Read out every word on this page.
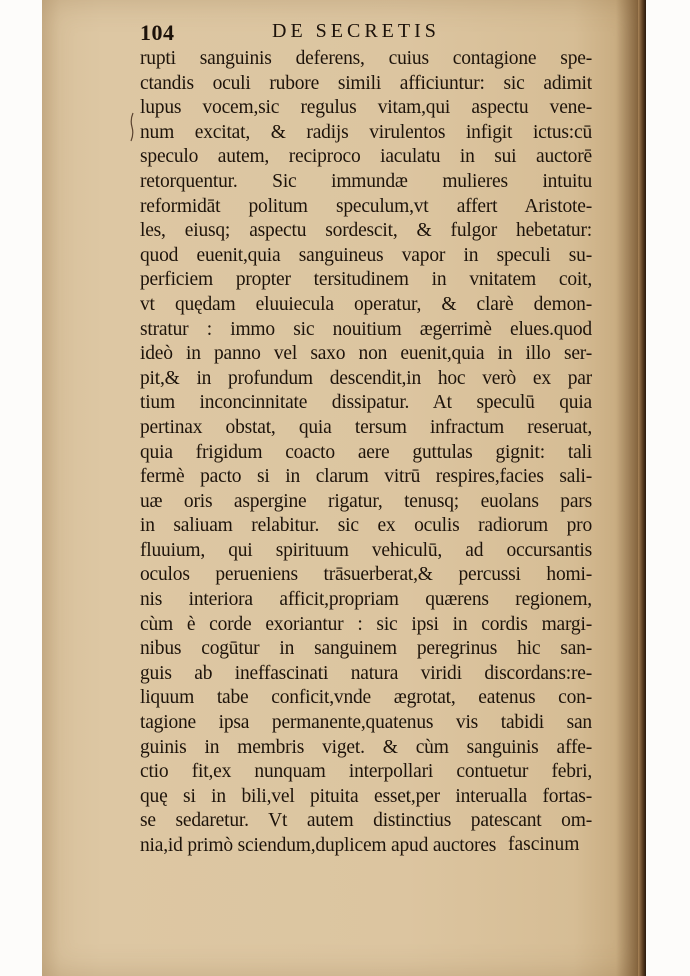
104	DE SECRETIS
rupti sanguinis deferens, cuius contagione spe-
ctandis oculi rubore simili afficiuntur: sic adimit
lupus vocem,sic regulus vitam,qui aspectu vene-
num excitat, & radijs virulentos infigit ictus:cū
speculo autem, reciproco iaculatu in sui auctorē
retorquentur. Sic immundæ mulieres intuitu
reformidāt politum speculum,vt affert Aristote-
les, eiusq; aspectu sordescit, & fulgor hebetatur:
quod euenit,quia sanguineus vapor in speculi su-
perficiem propter tersitudinem in vnitatem coit,
vt quędam eluuiecula operatur, & clarè demon-
stratur : immo sic nouitium ægerrimè elues.quod
ideò in panno vel saxo non euenit,quia in illo ser-
pit,& in profundum descendit,in hoc verò ex par
tium inconcinnitate dissipatur. At speculū quia
pertinax obstat, quia tersum infractum reseruat,
quia frigidum coacto aere guttulas gignit: tali
fermè pacto si in clarum vitrū respires,facies sali-
uæ oris aspergine rigatur, tenusq; euolans pars
in saliuam relabitur. sic ex oculis radiorum pro
fluuium, qui spirituum vehiculū, ad occursantis
oculos perueniens trāsuerberat,& percussi homi-
nis interiora afficit,propriam quærens regionem,
cùm è corde exoriantur : sic ipsi in cordis margi-
nibus cogūtur in sanguinem peregrinus hic san-
guis ab ineffascinati natura viridi discordans:re-
liquum tabe conficit,vnde ægrotat, eatenus con-
tagione ipsa permanente,quatenus vis tabidi san
guinis in membris viget. & cùm sanguinis affe-
ctio fit,ex nunquam interpollari contuetur febri,
quę si in bili,vel pituita esset,per interualla fortas-
se sedaretur. Vt autem distinctius patescant om-
nia,id primò sciendum,duplicem apud auctores fascinum
